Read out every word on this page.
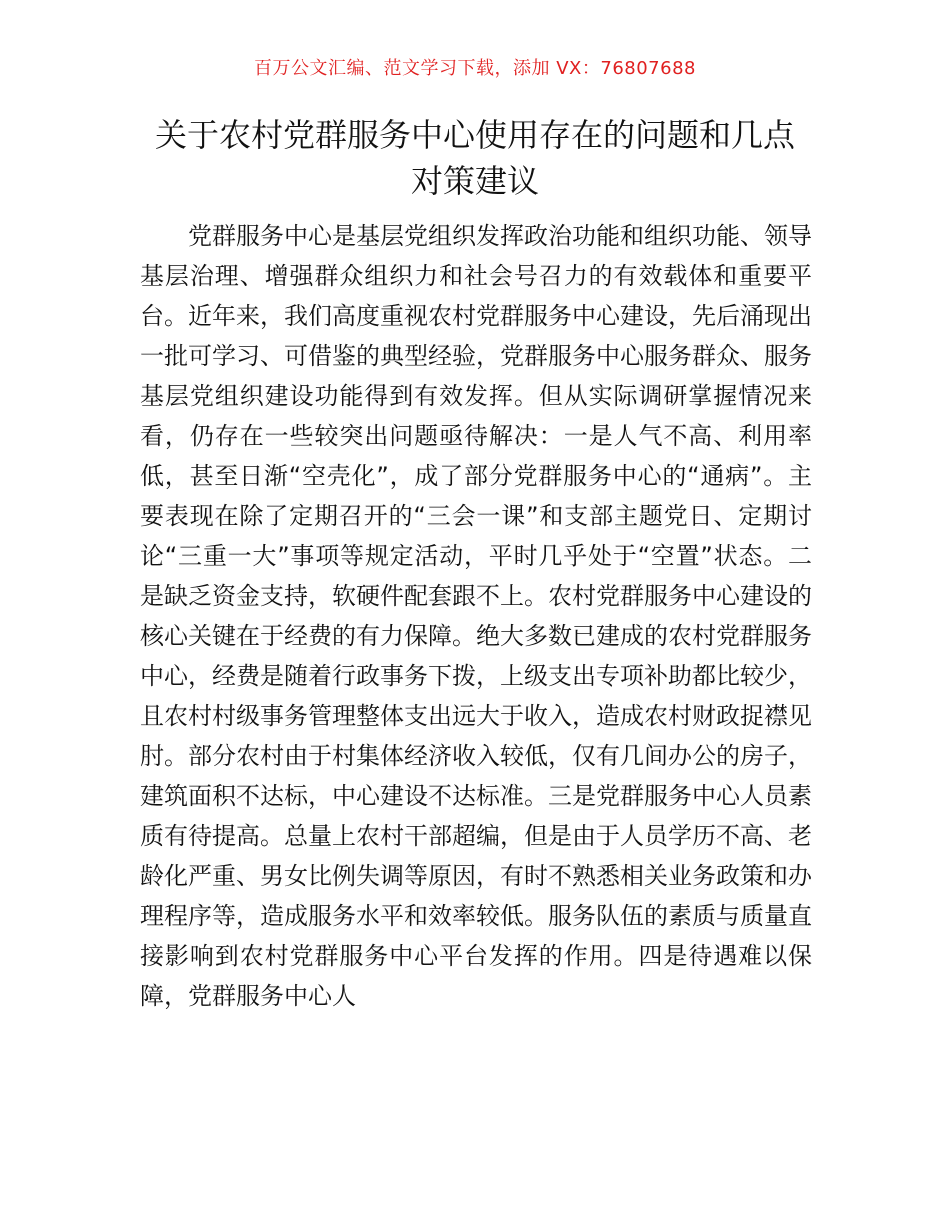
百万公文汇编、范文学习下载，添加 VX：76807688
关于农村党群服务中心使用存在的问题和几点
对策建议

党群服务中心是基层党组织发挥政治功能和组织功能、领导基层治理、增强群众组织力和社会号召力的有效载体和重要平台。近年来，我们高度重视农村党群服务中心建设，先后涌现出一批可学习、可借鉴的典型经验，党群服务中心服务群众、服务基层党组织建设功能得到有效发挥。但从实际调研掌握情况来看，仍存在一些较突出问题亟待解决：一是人气不高、利用率低，甚至日渐“空壳化”，成了部分党群服务中心的“通病”。主要表现在除了定期召开的“三会一课”和支部主题党日、定期讨论“三重一大”事项等规定活动，平时几乎处于“空置”状态。二是缺乏资金支持，软硬件配套跟不上。农村党群服务中心建设的核心关键在于经费的有力保障。绝大多数已建成的农村党群服务中心，经费是随着行政事务下拨，上级支出专项补助都比较少，且农村村级事务管理整体支出远大于收入，造成农村财政捉襟见肘。部分农村由于村集体经济收入较低，仅有几间办公的房子，建筑面积不达标，中心建设不达标准。三是党群服务中心人员素质有待提高。总量上农村干部超编，但是由于人员学历不高、老龄化严重、男女比例失调等原因，有时不熟悉相关业务政策和办理程序等，造成服务水平和效率较低。服务队伍的素质与质量直接影响到农村党群服务中心平台发挥的作用。四是待遇难以保障，党群服务中心人
